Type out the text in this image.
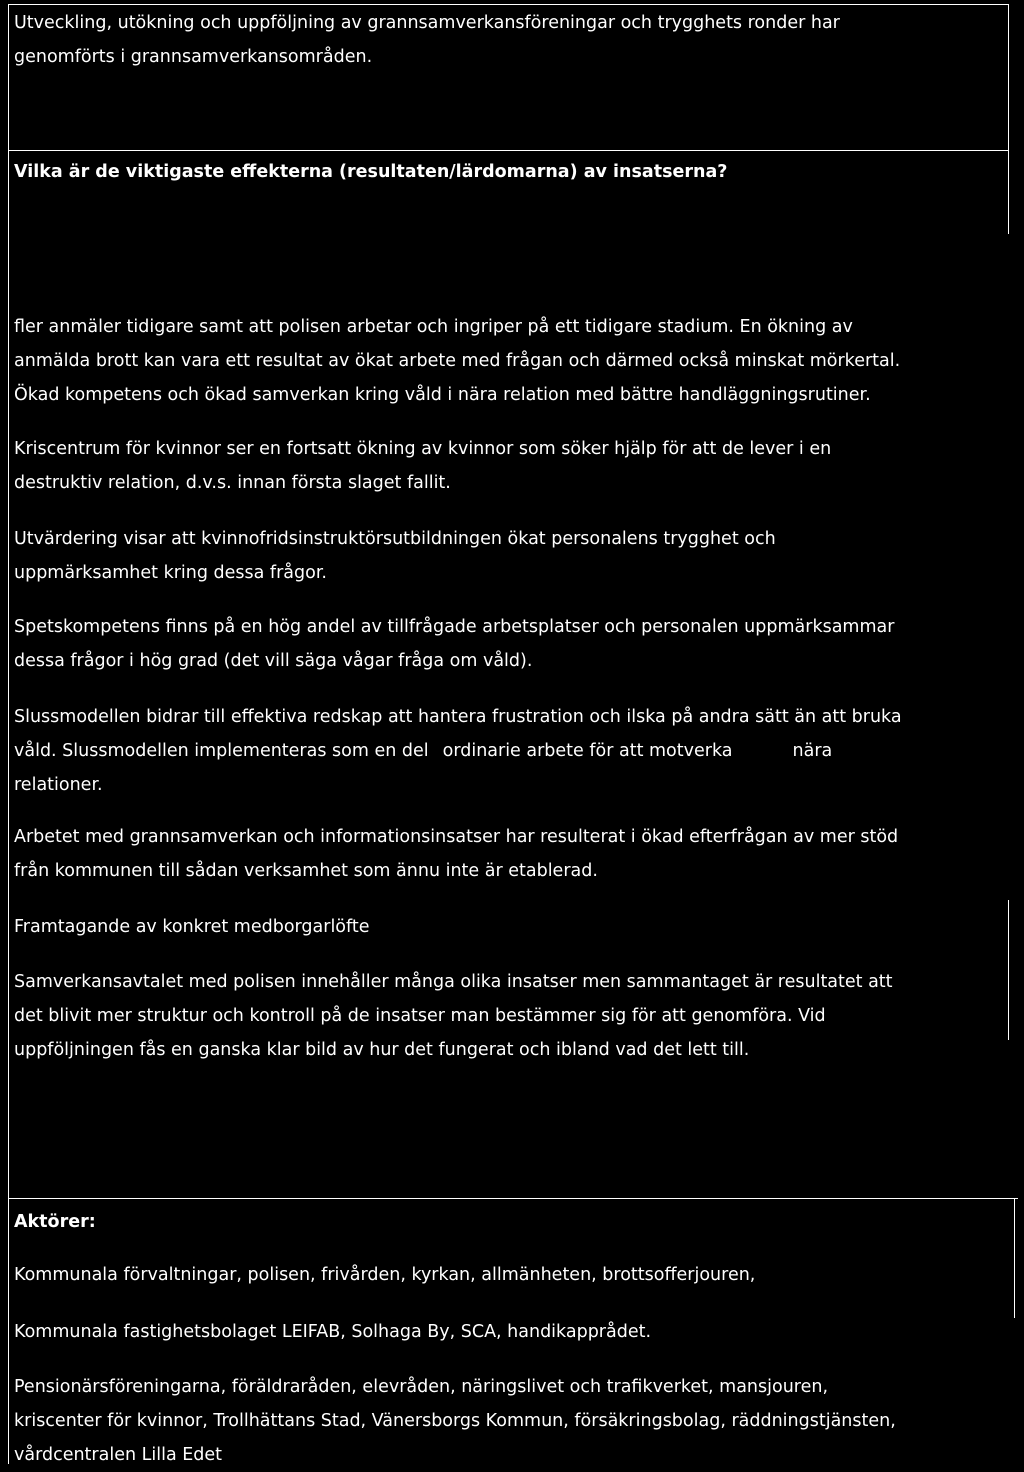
Utveckling, utökning och uppföljning av grannsamverkansföreningar och trygghets ronder har

genomförts i grannsamverkansområden.

Vilka är de viktigaste effekterna (resultaten/lärdomarna) av insatserna?

fler anmäler tidigare samt att polisen arbetar och ingriper på ett tidigare stadium. En ökning av

anmälda brott kan vara ett resultat av ökat arbete med frågan och därmed också minskat mörkertal.

Ökad kompetens och ökad samverkan kring våld i nära relation med bättre handläggningsrutiner.

Kriscentrum för kvinnor ser en fortsatt ökning av kvinnor som söker hjälp för att de lever i en

destruktiv relation, d.v.s. innan första slaget fallit.

Utvärdering visar att kvinnofridsinstruktörsutbildningen ökat personalens trygghet och

uppmärksamhet kring dessa frågor.

Spetskompetens finns på en hög andel av tillfrågade arbetsplatser och personalen uppmärksammar

dessa frågor i hög grad (det vill säga vågar fråga om våld).

Slussmodellen bidrar till effektiva redskap att hantera frustration och ilska på andra sätt än att bruka

våld. Slussmodellen implementeras som en del ordinarie arbete för att motverka	nära

relationer.

Arbetet med grannsamverkan och informationsinsatser har resulterat i ökad efterfrågan av mer stöd

från kommunen till sådan verksamhet som ännu inte är etablerad.

Framtagande av konkret medborgarlöfte

Samverkansavtalet med polisen innehåller många olika insatser men sammantaget är resultatet att

det blivit mer struktur och kontroll på de insatser man bestämmer sig för att genomföra. Vid

uppföljningen fås en ganska klar bild av hur det fungerat och ibland vad det lett till.

Aktörer:

Kommunala förvaltningar, polisen, frivården, kyrkan, allmänheten, brottsofferjouren,

Kommunala fastighetsbolaget LEIFAB, Solhaga By, SCA, handikapprådet.

Pensionärsföreningarna, föräldraråden, elevråden, näringslivet och trafikverket, mansjouren,

kriscenter för kvinnor, Trollhättans Stad, Vänersborgs Kommun, försäkringsbolag, räddningstjänsten,

vårdcentralen Lilla Edet
